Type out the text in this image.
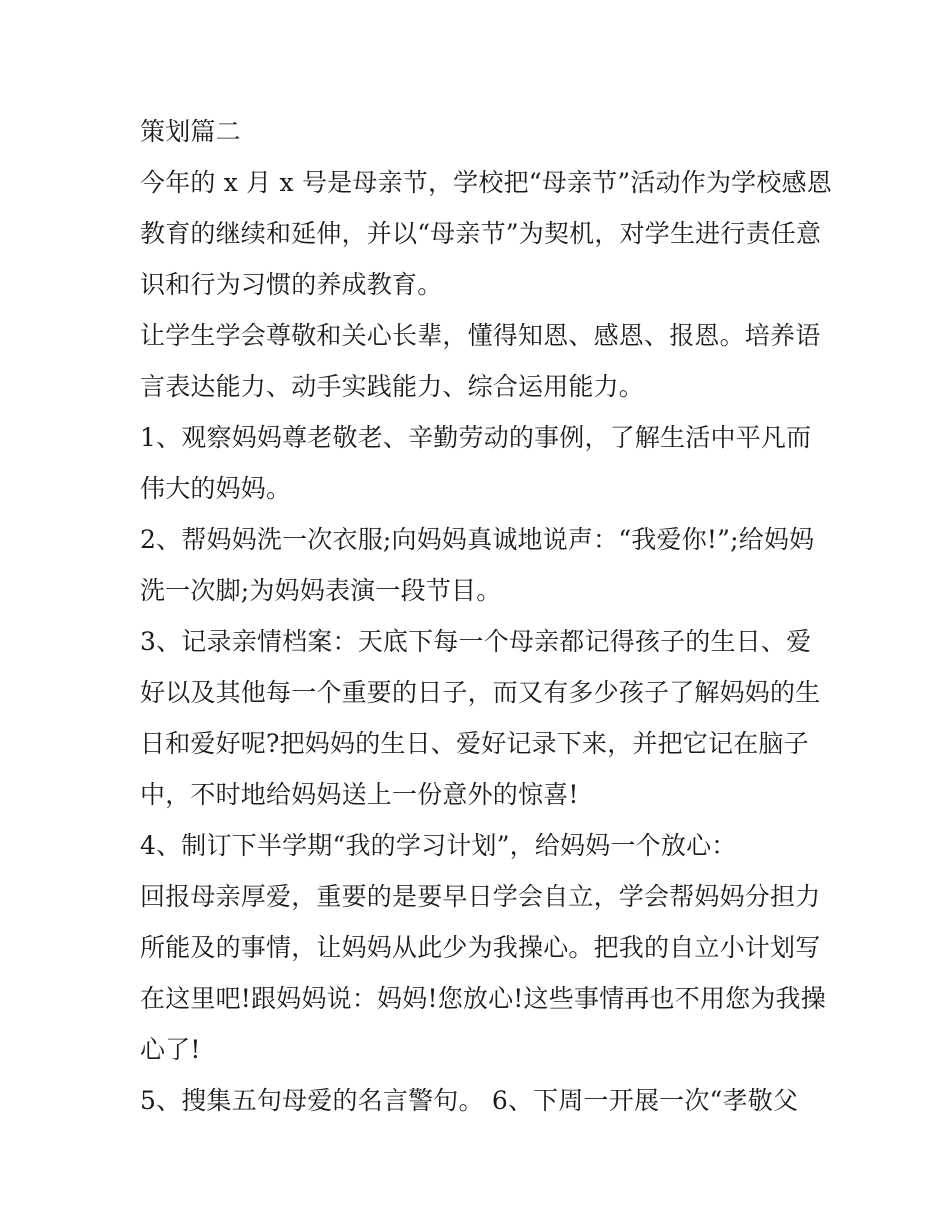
策划篇二
今年的 x 月 x 号是母亲节，学校把“母亲节”活动作为学校感恩
教育的继续和延伸，并以“母亲节”为契机，对学生进行责任意
识和行为习惯的养成教育。
让学生学会尊敬和关心长辈，懂得知恩、感恩、报恩。培养语
言表达能力、动手实践能力、综合运用能力。
1、观察妈妈尊老敬老、辛勤劳动的事例，了解生活中平凡而
伟大的妈妈。
2、帮妈妈洗一次衣服;向妈妈真诚地说声：“我爱你!”;给妈妈
洗一次脚;为妈妈表演一段节目。
3、记录亲情档案：天底下每一个母亲都记得孩子的生日、爱
好以及其他每一个重要的日子，而又有多少孩子了解妈妈的生
日和爱好呢?把妈妈的生日、爱好记录下来，并把它记在脑子
中，不时地给妈妈送上一份意外的惊喜!
4、制订下半学期“我的学习计划”，给妈妈一个放心：
回报母亲厚爱，重要的是要早日学会自立，学会帮妈妈分担力
所能及的事情，让妈妈从此少为我操心。把我的自立小计划写
在这里吧!跟妈妈说：妈妈!您放心!这些事情再也不用您为我操
心了!
5、搜集五句母爱的名言警句。 6、下周一开展一次“孝敬父
